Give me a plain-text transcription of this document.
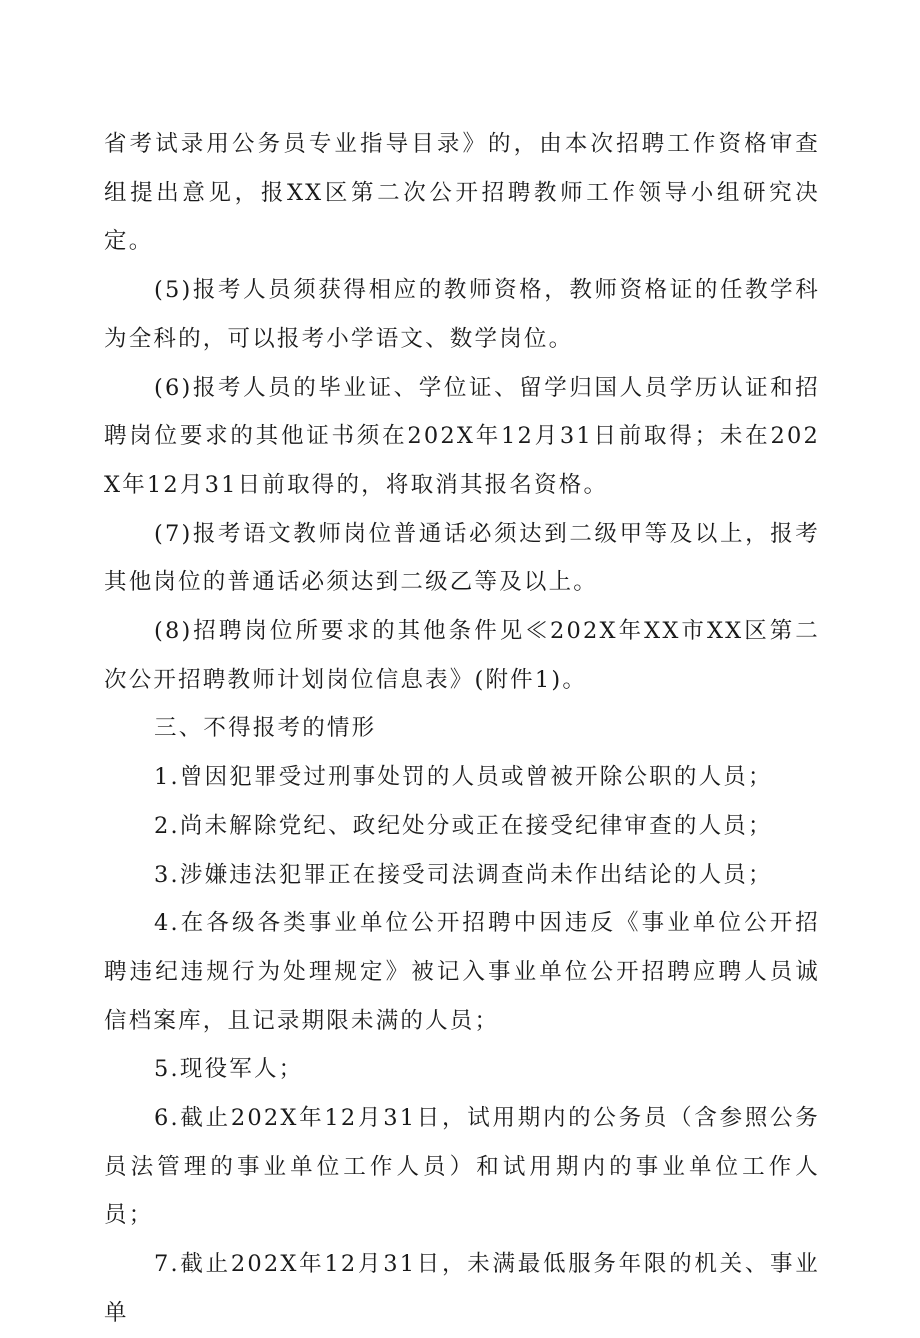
省考试录用公务员专业指导目录》的，由本次招聘工作资格审查组提出意见，报XX区第二次公开招聘教师工作领导小组研究决定。

(5)报考人员须获得相应的教师资格，教师资格证的任教学科为全科的，可以报考小学语文、数学岗位。

(6)报考人员的毕业证、学位证、留学归国人员学历认证和招聘岗位要求的其他证书须在202X年12月31日前取得；未在202X年12月31日前取得的，将取消其报名资格。

(7)报考语文教师岗位普通话必须达到二级甲等及以上，报考其他岗位的普通话必须达到二级乙等及以上。

(8)招聘岗位所要求的其他条件见≪202X年XX市XX区第二次公开招聘教师计划岗位信息表》(附件1)。

三、不得报考的情形

1.曾因犯罪受过刑事处罚的人员或曾被开除公职的人员；

2.尚未解除党纪、政纪处分或正在接受纪律审查的人员；

3.涉嫌违法犯罪正在接受司法调查尚未作出结论的人员；

4.在各级各类事业单位公开招聘中因违反《事业单位公开招聘违纪违规行为处理规定》被记入事业单位公开招聘应聘人员诚信档案库，且记录期限未满的人员；

5.现役军人；

6.截止202X年12月31日，试用期内的公务员（含参照公务员法管理的事业单位工作人员）和试用期内的事业单位工作人员；

7.截止202X年12月31日，未满最低服务年限的机关、事业单
